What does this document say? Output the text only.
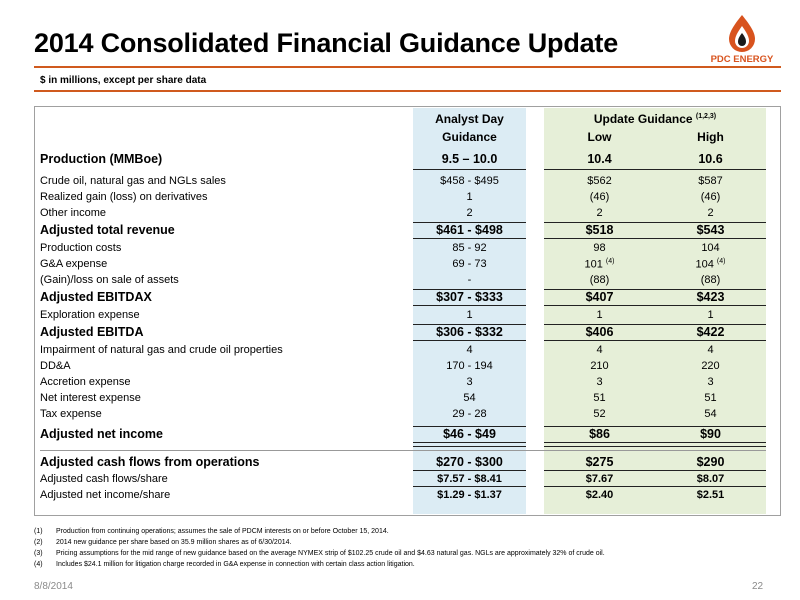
2014 Consolidated Financial Guidance Update
PDC ENERGY
$ in millions, except per share data
Analyst Day
Guidance
Update Guidance $^{(1,2,3)}$
Low	High
Production (MMBoe)	9.5 – 10.0	10.4	10.6
Crude oil, natural gas and NGLs sales	$458 - $495	$562	$587
Realized gain (loss) on derivatives	1	(46)	(46)
Other income	2	2	2
Adjusted total revenue	$461 - $498	$518	$543
Production costs	85 - 92	98	104
G&A expense	69 - 73	101 $^{(4)}$	104 $^{(4)}$
(Gain)/loss on sale of assets	-	(88)	(88)
Adjusted EBITDAX	$307 - $333	$407	$423
Exploration expense	1	1	1
Adjusted EBITDA	$306 - $332	$406	$422
Impairment of natural gas and crude oil properties	4	4	4
DD&A	170 - 194	210	220
Accretion expense	3	3	3
Net interest expense	54	51	51
Tax expense	29 - 28	52	54
Adjusted net income	$46 - $49	$86	$90
Adjusted cash flows from operations	$270 - $300	$275	$290
Adjusted cash flows/share	$7.57 - $8.41	$7.67	$8.07
Adjusted net income/share	$1.29 - $1.37	$2.40	$2.51
(1) Production from continuing operations; assumes the sale of PDCM interests on or before October 15, 2014.
(2) 2014 new guidance per share based on 35.9 million shares as of 6/30/2014.
(3) Pricing assumptions for the mid range of new guidance based on the average NYMEX strip of $102.25 crude oil and $4.63 natural gas. NGLs are approximately 32% of crude oil.
(4) Includes $24.1 million for litigation charge recorded in G&A expense in connection with certain class action litigation.
8/8/2014	22
